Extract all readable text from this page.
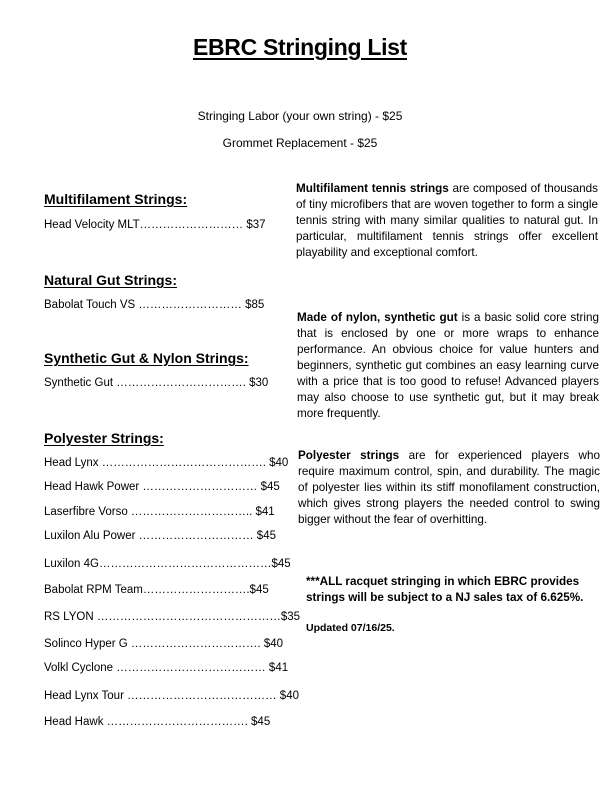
EBRC Stringing List
Stringing Labor (your own string) - $25
Grommet Replacement - $25
Multifilament Strings:
Head Velocity MLT……………………… $37
Natural Gut Strings:
Babolat Touch VS ……………………… $85
Synthetic Gut & Nylon Strings:
Synthetic Gut ……………………………. $30
Polyester Strings:
Head Lynx ……………………………………. $40
Head Hawk Power ………………………… $45
Laserfibre Vorso ………………………….. $41
Luxilon Alu Power ………………………… $45
Luxilon 4G………………………………………$45
Babolat RPM Team……………………….$45
RS LYON …………………………………………$35
Solinco Hyper G ……………………………. $40
Volkl Cyclone ………………………………… $41
Head Lynx Tour ………………………………… $40
Head Hawk ………………………………. $45
Multifilament tennis strings are composed of thousands of tiny microfibers that are woven together to form a single tennis string with many similar qualities to natural gut. In particular, multifilament tennis strings offer excellent playability and exceptional comfort.
Made of nylon, synthetic gut is a basic solid core string that is enclosed by one or more wraps to enhance performance. An obvious choice for value hunters and beginners, synthetic gut combines an easy learning curve with a price that is too good to refuse! Advanced players may also choose to use synthetic gut, but it may break more frequently.
Polyester strings are for experienced players who require maximum control, spin, and durability. The magic of polyester lies within its stiff monofilament construction, which gives strong players the needed control to swing bigger without the fear of overhitting.
***ALL racquet stringing in which EBRC provides strings will be subject to a NJ sales tax of 6.625%.
Updated 07/16/25.
